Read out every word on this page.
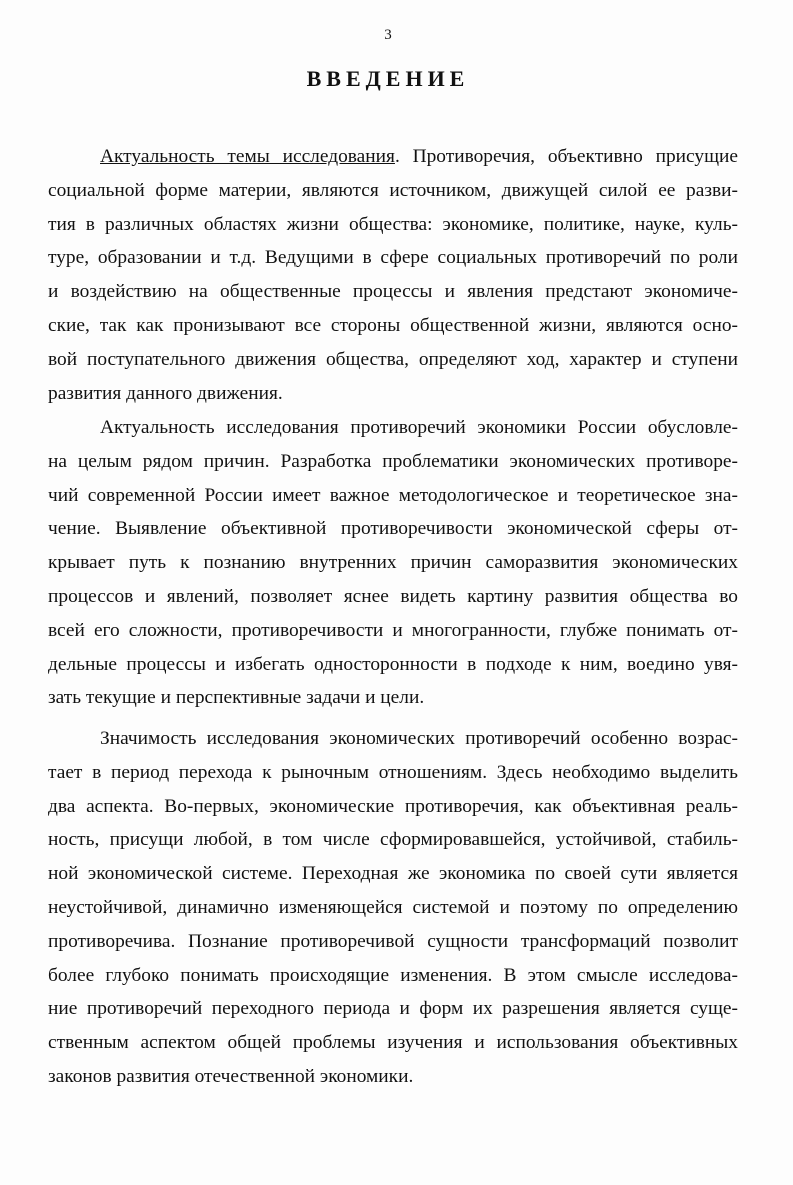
3
ВВЕДЕНИЕ
Актуальность темы исследования. Противоречия, объективно присущие
социальной форме материи, являются источником, движущей силой ее разви-
тия в различных областях жизни общества: экономике, политике, науке, куль-
туре, образовании и т.д. Ведущими в сфере социальных противоречий по роли
и воздействию на общественные процессы и явления предстают экономиче-
ские, так как пронизывают все стороны общественной жизни, являются осно-
вой поступательного движения общества, определяют ход, характер и ступени
развития данного движения.
Актуальность исследования противоречий экономики России обусловле-
на целым рядом причин. Разработка проблематики экономических противоре-
чий современной России имеет важное методологическое и теоретическое зна-
чение. Выявление объективной противоречивости экономической сферы от-
крывает путь к познанию внутренних причин саморазвития экономических
процессов и явлений, позволяет яснее видеть картину развития общества во
всей его сложности, противоречивости и многогранности, глубже понимать от-
дельные процессы и избегать односторонности в подходе к ним, воедино увя-
зать текущие и перспективные задачи и цели.
Значимость исследования экономических противоречий особенно возрас-
тает в период перехода к рыночным отношениям. Здесь необходимо выделить
два аспекта. Во-первых, экономические противоречия, как объективная реаль-
ность, присущи любой, в том числе сформировавшейся, устойчивой, стабиль-
ной экономической системе. Переходная же экономика по своей сути является
неустойчивой, динамично изменяющейся системой и поэтому по определению
противоречива. Познание противоречивой сущности трансформаций позволит
более глубоко понимать происходящие изменения. В этом смысле исследова-
ние противоречий переходного периода и форм их разрешения является суще-
ственным аспектом общей проблемы изучения и использования объективных
законов развития отечественной экономики.
